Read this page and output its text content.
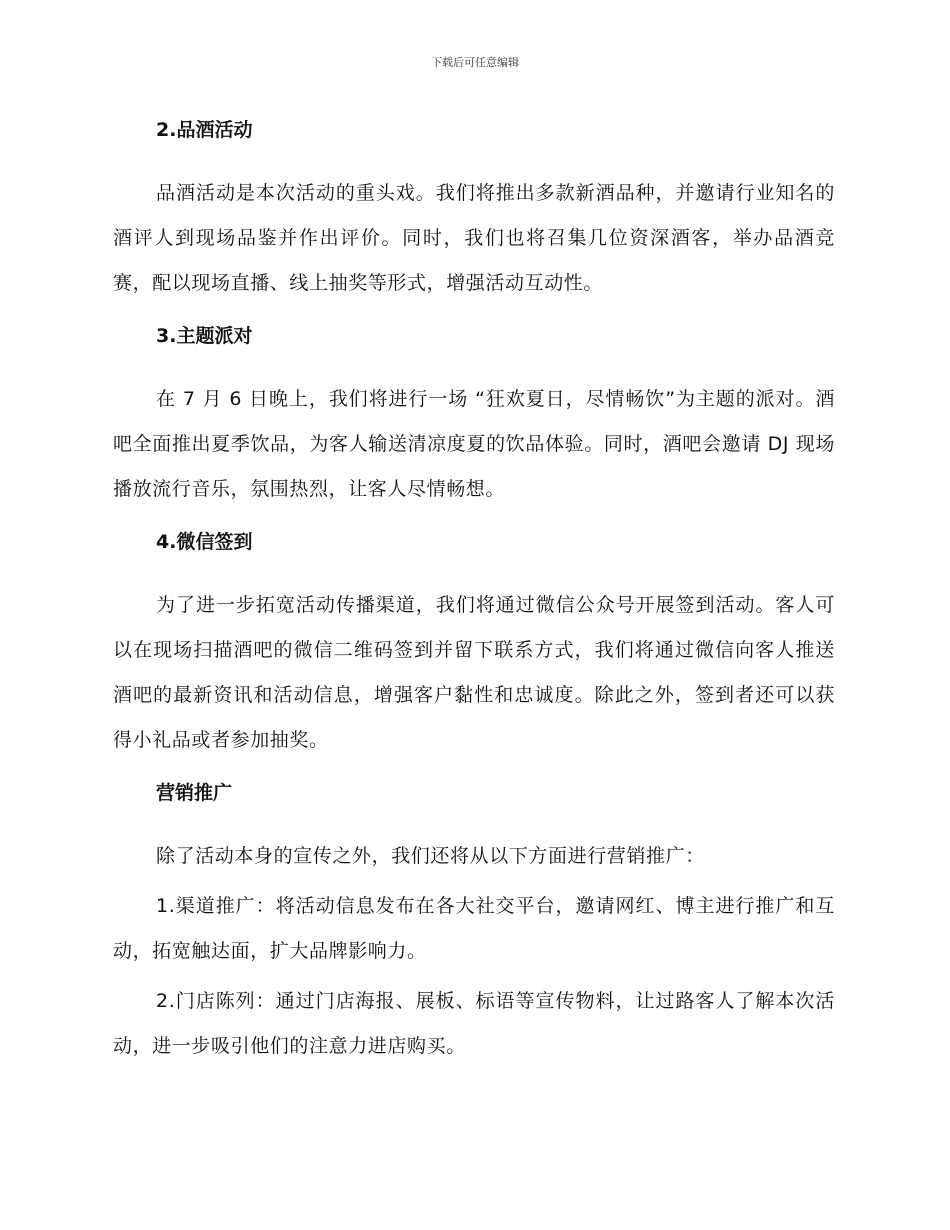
下载后可任意编辑
2.品酒活动

品酒活动是本次活动的重头戏。我们将推出多款新酒品种，并邀请行业知名的酒评人到现场品鉴并作出评价。同时，我们也将召集几位资深酒客，举办品酒竞赛，配以现场直播、线上抽奖等形式，增强活动互动性。

3.主题派对

在 7 月 6 日晚上，我们将进行一场 “狂欢夏日，尽情畅饮”为主题的派对。酒吧全面推出夏季饮品，为客人输送清凉度夏的饮品体验。同时，酒吧会邀请 DJ 现场播放流行音乐，氛围热烈，让客人尽情畅想。

4.微信签到

为了进一步拓宽活动传播渠道，我们将通过微信公众号开展签到活动。客人可以在现场扫描酒吧的微信二维码签到并留下联系方式，我们将通过微信向客人推送酒吧的最新资讯和活动信息，增强客户黏性和忠诚度。除此之外，签到者还可以获得小礼品或者参加抽奖。

营销推广

除了活动本身的宣传之外，我们还将从以下方面进行营销推广：

1.渠道推广：将活动信息发布在各大社交平台，邀请网红、博主进行推广和互动，拓宽触达面，扩大品牌影响力。

2.门店陈列：通过门店海报、展板、标语等宣传物料，让过路客人了解本次活动，进一步吸引他们的注意力进店购买。
